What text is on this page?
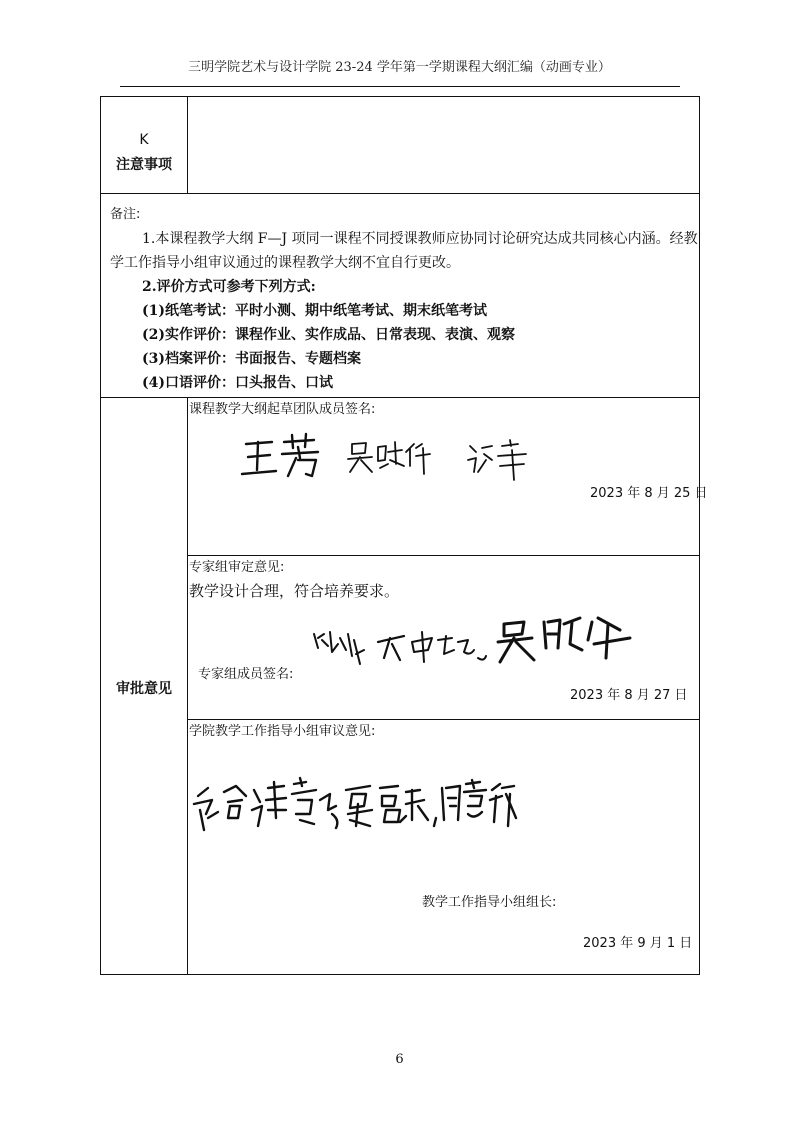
三明学院艺术与设计学院 23-24 学年第一学期课程大纲汇编（动画专业）
K
注意事项
备注:
1.本课程教学大纲 F—J 项同一课程不同授课教师应协同讨论研究达成共同核心内涵。经教
学工作指导小组审议通过的课程教学大纲不宜自行更改。
2.评价方式可参考下列方式:
(1)纸笔考试：平时小测、期中纸笔考试、期末纸笔考试
(2)实作评价：课程作业、实作成品、日常表现、表演、观察
(3)档案评价：书面报告、专题档案
(4)口语评价：口头报告、口试
审批意见
课程教学大纲起草团队成员签名:
2023 年 8 月 25 日
专家组审定意见:
教学设计合理，符合培养要求。
专家组成员签名:
2023 年 8 月 27 日
学院教学工作指导小组审议意见:
教学工作指导小组组长:
2023 年 9 月 1 日
6
